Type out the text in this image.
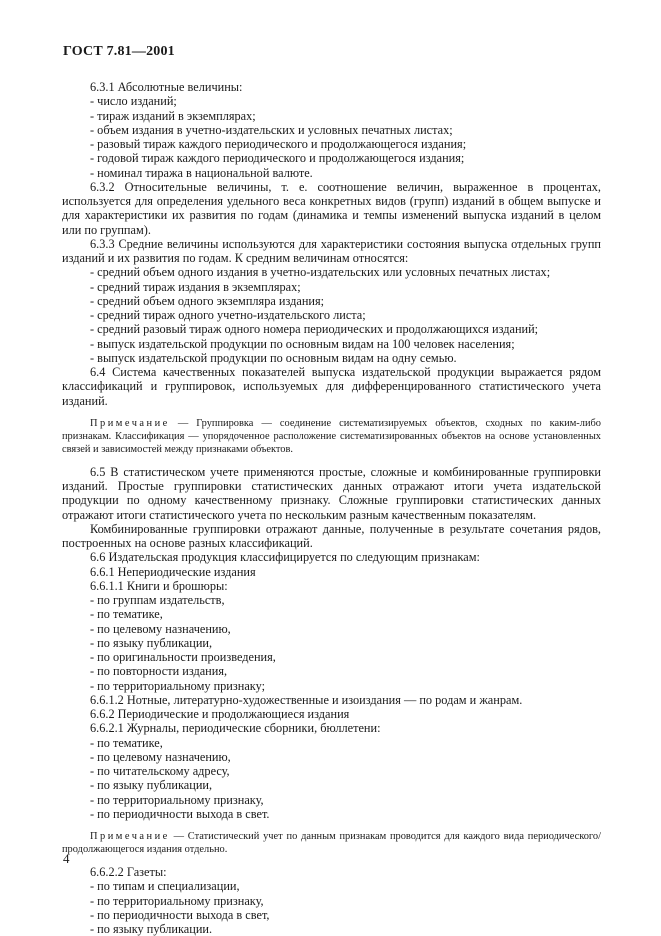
ГОСТ 7.81—2001

6.3.1 Абсолютные величины:

- число изданий;

- тираж изданий в экземплярах;

- объем издания в учетно-издательских и условных печатных листах;

- разовый тираж каждого периодического и продолжающегося издания;

- годовой тираж каждого периодического и продолжающегося издания;

- номинал тиража в национальной валюте.

6.3.2 Относительные величины, т. е. соотношение величин, выраженное в процентах, используется для определения удельного веса конкретных видов (групп) изданий в общем выпуске и для характеристики их развития по годам (динамика и темпы изменений выпуска изданий в целом или по группам).

6.3.3 Средние величины используются для характеристики состояния выпуска отдельных групп изданий и их развития по годам. К средним величинам относятся:

- средний объем одного издания в учетно-издательских или условных печатных листах;

- средний тираж издания в экземплярах;

- средний объем одного экземпляра издания;

- средний тираж одного учетно-издательского листа;

- средний разовый тираж одного номера периодических и продолжающихся изданий;

- выпуск издательской продукции по основным видам на 100 человек населения;

- выпуск издательской продукции по основным видам на одну семью.

6.4 Система качественных показателей выпуска издательской продукции выражается рядом классификаций и группировок, используемых для дифференцированного статистического учета изданий.

Примечание — Группировка — соединение систематизируемых объектов, сходных по каким-либо признакам. Классификация — упорядоченное расположение систематизированных объектов на основе установленных связей и зависимостей между признаками объектов.

6.5 В статистическом учете применяются простые, сложные и комбинированные группировки изданий. Простые группировки статистических данных отражают итоги учета издательской продукции по одному качественному признаку. Сложные группировки статистических данных отражают итоги статистического учета по нескольким разным качественным показателям.

Комбинированные группировки отражают данные, полученные в результате сочетания рядов, построенных на основе разных классификаций.

6.6 Издательская продукция классифицируется по следующим признакам:

6.6.1 Непериодические издания

6.6.1.1 Книги и брошюры:

- по группам издательств,

- по тематике,

- по целевому назначению,

- по языку публикации,

- по оригинальности произведения,

- по повторности издания,

- по территориальному признаку;

6.6.1.2 Нотные, литературно-художественные и изоиздания — по родам и жанрам.

6.6.2 Периодические и продолжающиеся издания

6.6.2.1 Журналы, периодические сборники, бюллетени:

- по тематике,

- по целевому назначению,

- по читательскому адресу,

- по языку публикации,

- по территориальному признаку,

- по периодичности выхода в свет.

Примечание — Статистический учет по данным признакам проводится для каждого вида периодического/продолжающегося издания отдельно.

6.6.2.2 Газеты:

- по типам и специализации,

- по территориальному признаку,

- по периодичности выхода в свет,

- по языку публикации.

4
